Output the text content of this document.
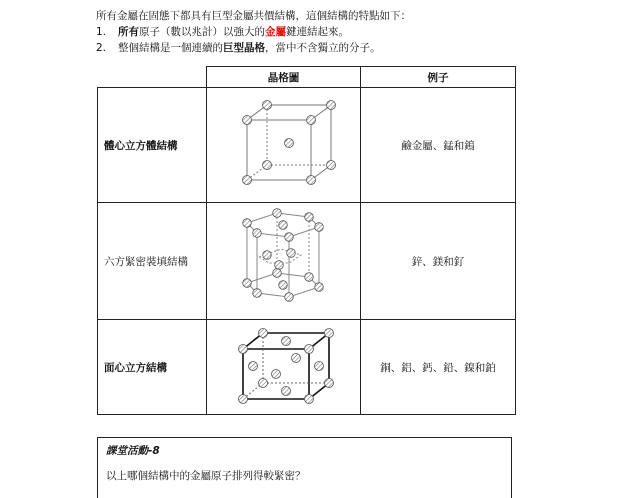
所有金屬在固態下都具有巨型金屬共價結構，這個結構的特點如下：
1. 所有原子（數以兆計）以強大的金屬鍵連結起來。
2. 整個結構是一個連續的巨型晶格，當中不含獨立的分子。
	晶格圖	例子
體心立方體結構		鹼金屬、錳和鎢
六方緊密裝填結構		鋅、鎂和釕
面心立方結構		銅、鋁、鈣、鉛、鎳和鉑
課堂活動-8
以上哪個結構中的金屬原子排列得較緊密？
